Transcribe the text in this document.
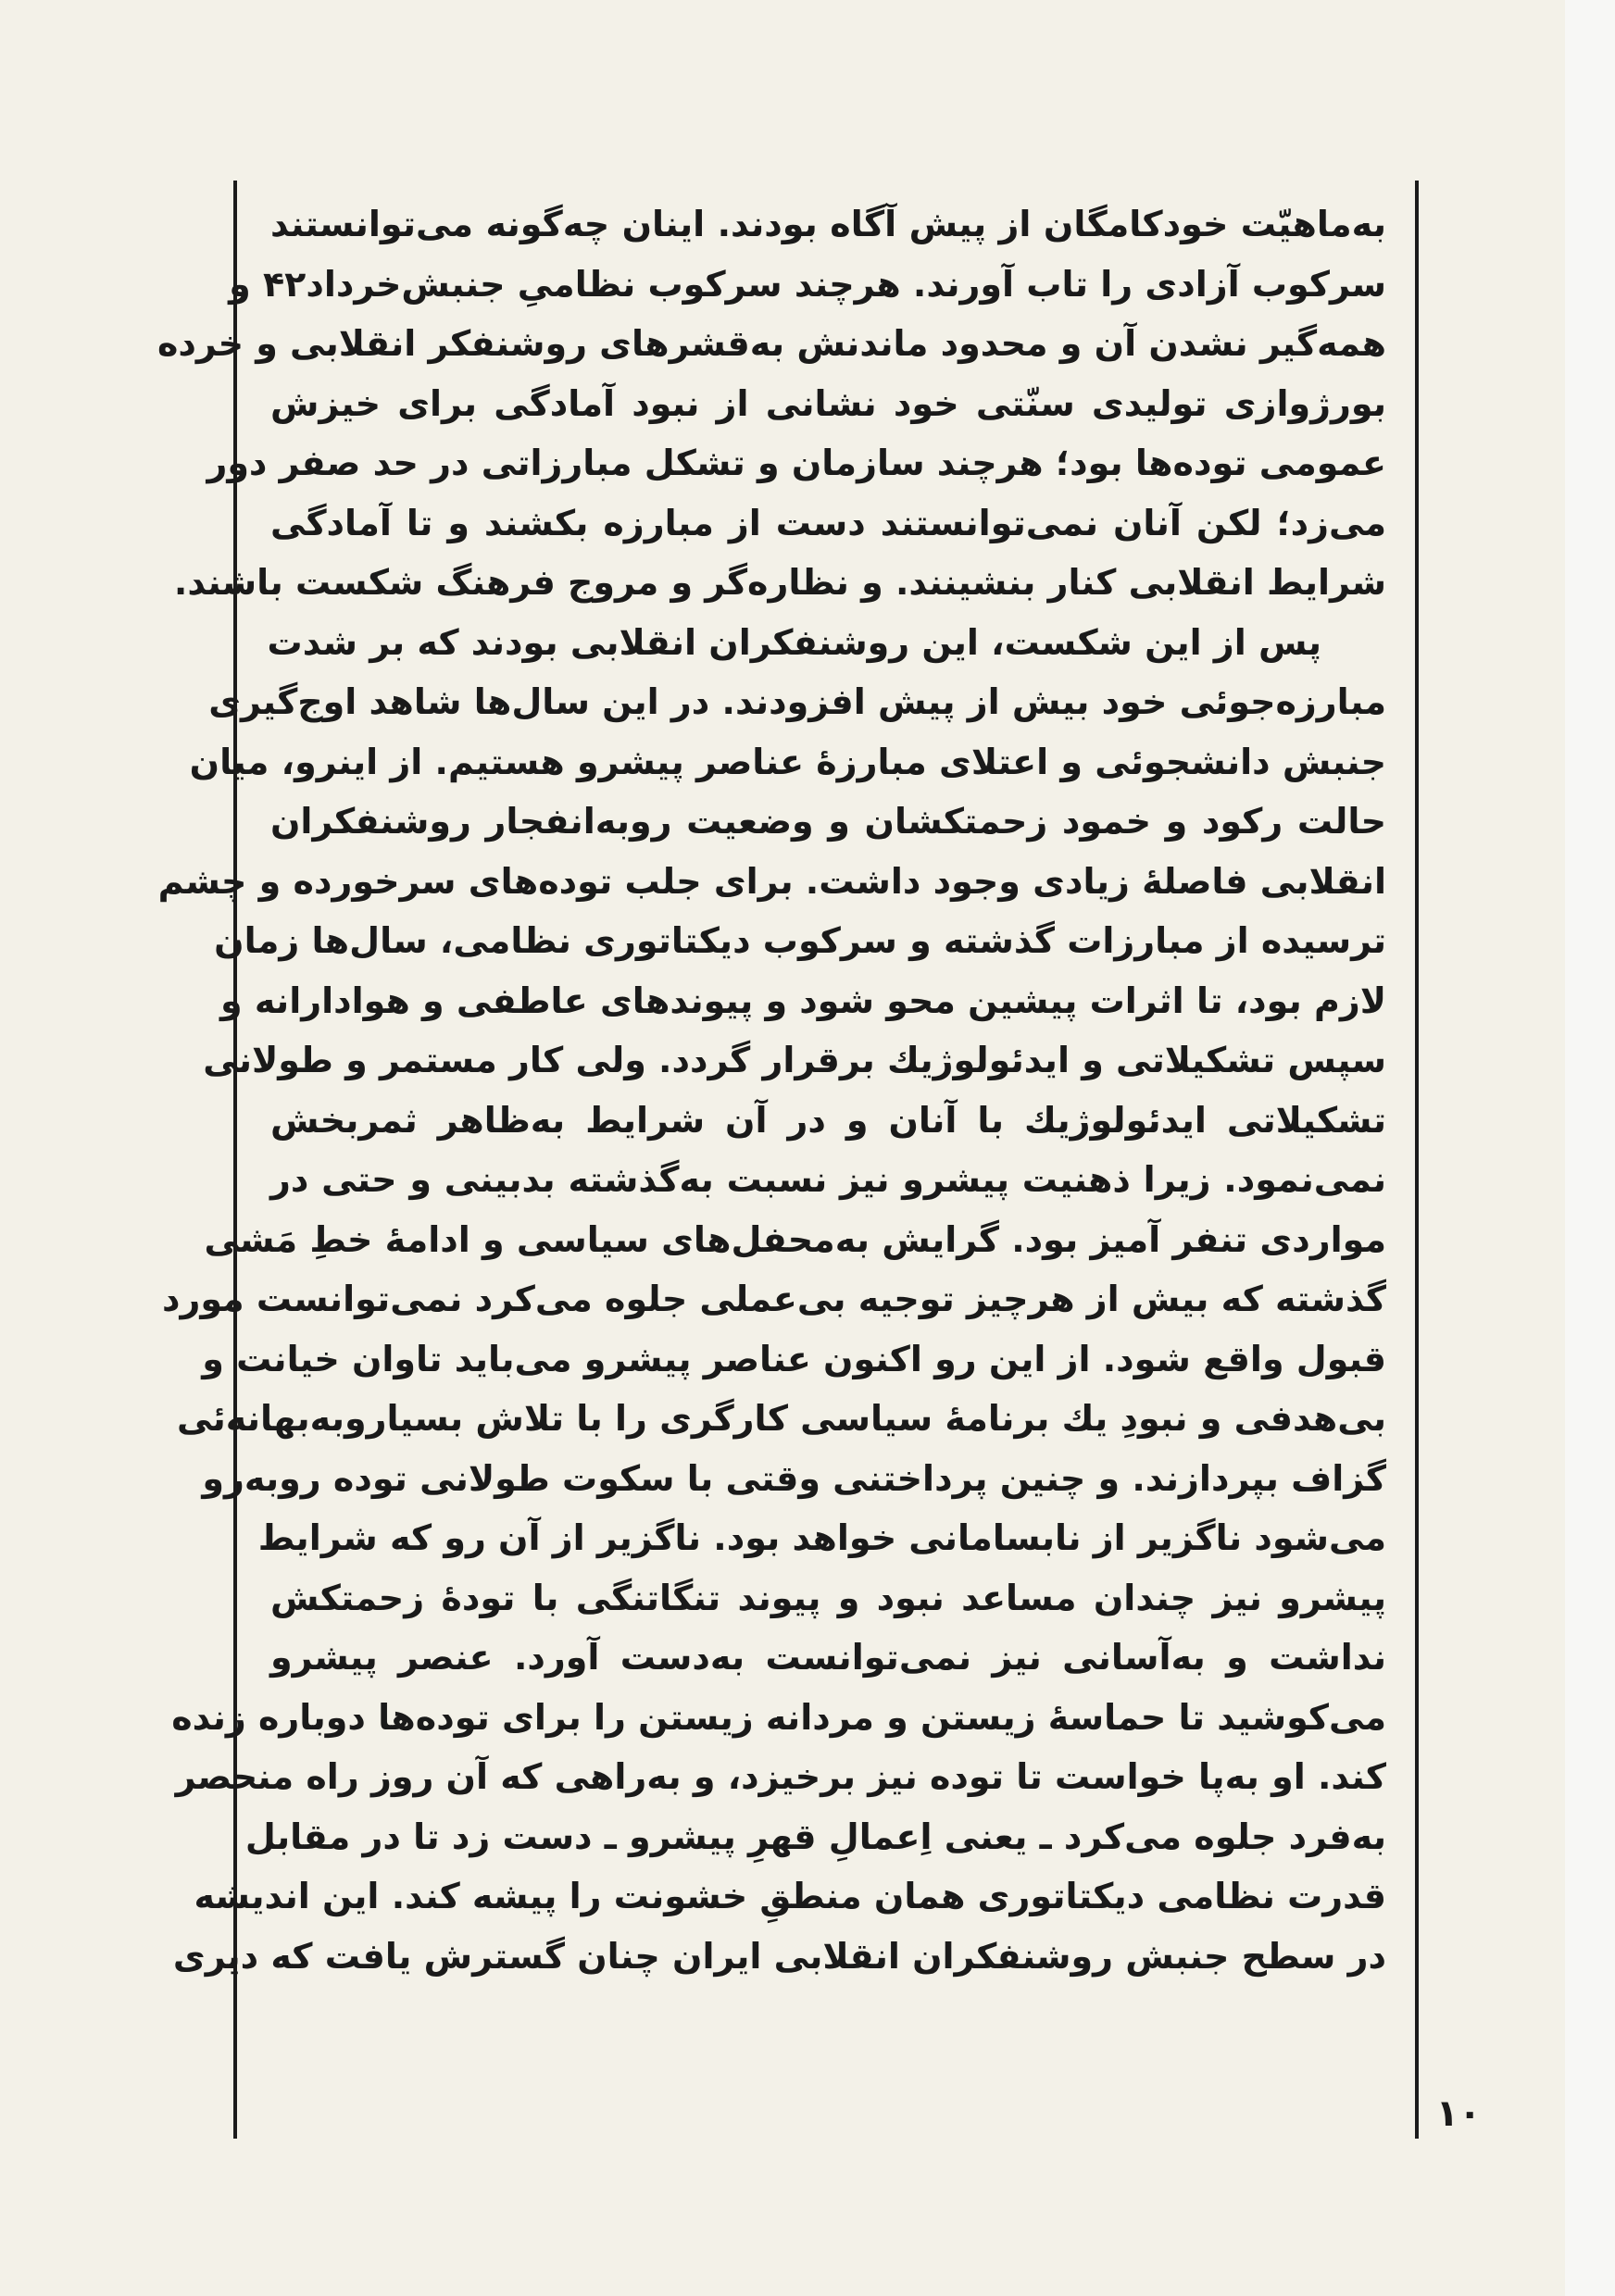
به‌ماهیّت خودکامگان از پیش آگاه بودند. اینان چه‌گونه می‌توانستند
سرکوب آزادی را تاب آورند. هرچند سرکوب نظامیِ جنبش‌خرداد۴۲ و
همه‌گیر نشدن آن و محدود ماندنش به‌قشرهای روشنفکر انقلابی و خرده
بورژوازی تولیدی سنّتی خود نشانی از نبود آمادگی برای خیزش
عمومی توده‌ها بود؛ هرچند سازمان و تشکل مبارزاتی در حد صفر دور
می‌زد؛ لکن آنان نمی‌توانستند دست از مبارزه بکشند و تا آمادگی
شرایط انقلابی کنار بنشینند. و نظاره‌گر و مروج فرهنگ شکست باشند.
پس از این شکست، این روشنفکران انقلابی بودند که بر شدت
مبارزه‌جوئی خود بیش از پیش افزودند. در این سال‌ها شاهد اوج‌گیری
جنبش دانشجوئی و اعتلای مبارزهٔ عناصر پیشرو هستیم. از اینرو، میان
حالت رکود و خمود زحمتکشان و وضعیت روبه‌انفجار روشنفکران
انقلابی فاصلهٔ زیادی وجود داشت. برای جلب توده‌های سرخورده و چشم
ترسیده از مبارزات گذشته و سرکوب دیکتاتوری نظامی، سال‌ها زمان
لازم بود، تا اثرات پیشین محو شود و پیوندهای عاطفی و هوادارانه و
سپس تشکیلاتی و ایدئولوژیك برقرار گردد. ولی کار مستمر و طولانی
تشکیلاتی ایدئولوژیك با آنان و در آن شرایط به‌ظاهر ثمربخش
نمی‌نمود. زیرا ذهنیت پیشرو نیز نسبت به‌گذشته بدبینی و حتی در
مواردی تنفر آمیز بود. گرایش به‌محفل‌های سیاسی و ادامهٔ خطِ مَشی
گذشته که بیش از هرچیز توجیه بی‌عملی جلوه می‌کرد نمی‌توانست مورد
قبول واقع شود. از این رو اکنون عناصر پیشرو می‌باید تاوان خیانت و
بی‌هدفی و نبودِ یك برنامهٔ سیاسی کارگری را با تلاش بسیاروبه‌بهانه‌ئی
گزاف بپردازند. و چنین پرداختنی وقتی با سکوت طولانی توده روبه‌رو
می‌شود ناگزیر از نابسامانی خواهد بود. ناگزیر از آن رو که شرایط
پیشرو نیز چندان مساعد نبود و پیوند تنگاتنگی با تودهٔ زحمتکش
نداشت و به‌آسانی نیز نمی‌توانست به‌دست آورد. عنصر پیشرو
می‌کوشید تا حماسهٔ زیستن و مردانه زیستن را برای توده‌ها دوباره زنده
کند. او به‌پا خواست تا توده نیز برخیزد، و به‌راهی که آن روز راه منحصر
به‌فرد جلوه می‌کرد ـ یعنی اِعمالِ قهرِ پیشرو ـ دست زد تا در مقابل
قدرت نظامی دیکتاتوری همان منطقِ خشونت را پیشه کند. این اندیشه
در سطح جنبش روشنفکران انقلابی ایران چنان گسترش یافت که دیری
۱۰
